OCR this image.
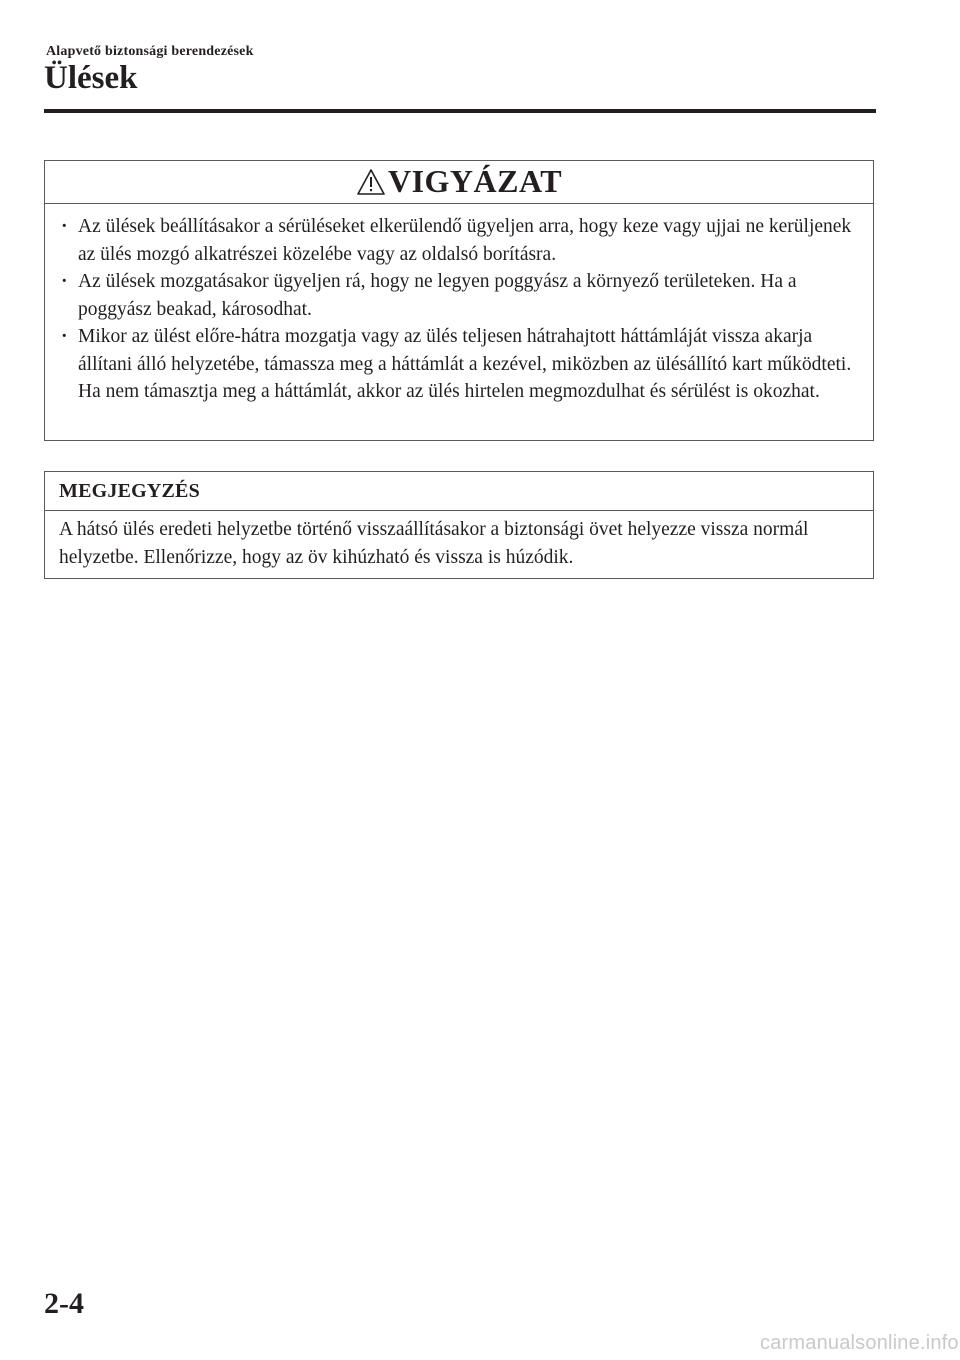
Alapvető biztonsági berendezések
Ülések
VIGYÁZAT
· Az ülések beállításakor a sérüléseket elkerülendő ügyeljen arra, hogy keze vagy ujjai ne kerüljenek az ülés mozgó alkatrészei közelébe vagy az oldalsó borításra.
· Az ülések mozgatásakor ügyeljen rá, hogy ne legyen poggyász a környező területeken. Ha a poggyász beakad, károsodhat.
· Mikor az ülést előre-hátra mozgatja vagy az ülés teljesen hátrahajtott háttámláját vissza akarja állítani álló helyzetébe, támassza meg a háttámlát a kezével, miközben az ülésállító kart működteti. Ha nem támasztja meg a háttámlát, akkor az ülés hirtelen megmozdulhat és sérülést is okozhat.
MEGJEGYZÉS
A hátsó ülés eredeti helyzetbe történő visszaállításakor a biztonsági övet helyezze vissza normál helyzetbe. Ellenőrizze, hogy az öv kihúzható és vissza is húzódik.
2-4
carmanualsonline.info
